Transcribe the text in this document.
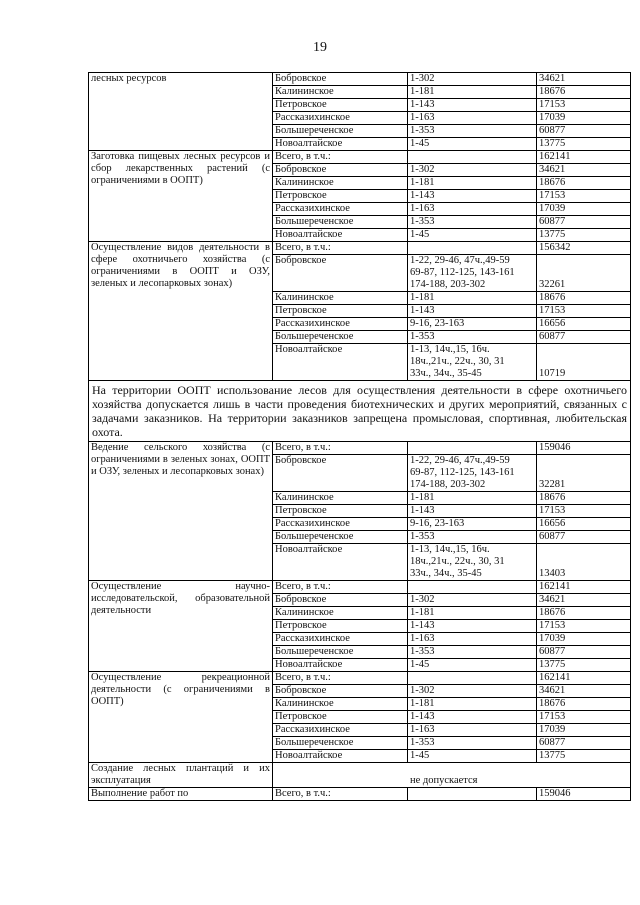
19
лесных ресурсов	Бобровское	1-302	34621
	Калининское	1-181	18676
	Петровское	1-143	17153
	Рассказихинское	1-163	17039
	Большереченское	1-353	60877
	Новоалтайское	1-45	13775
Заготовка пищевых лесных ресурсов и сбор лекарственных растений (с ограничениями в ООПТ)	Всего, в т.ч.:		162141
	Бобровское	1-302	34621
	Калининское	1-181	18676
	Петровское	1-143	17153
	Рассказихинское	1-163	17039
	Большереченское	1-353	60877
	Новоалтайское	1-45	13775
Осуществление видов деятельности в сфере охотничьего хозяйства (с ограничениями в ООПТ и ОЗУ, зеленых и лесопарковых зонах)	Всего, в т.ч.:		156342
	Бобровское	1-22, 29-46, 47ч.,49-59
69-87, 112-125, 143-161
174-188, 203-302	32261
	Калининское	1-181	18676
	Петровское	1-143	17153
	Рассказихинское	9-16, 23-163	16656
	Большереченское	1-353	60877
	Новоалтайское	1-13, 14ч.,15, 16ч.
18ч.,21ч., 22ч., 30, 31
33ч., 34ч., 35-45	10719
На территории ООПТ использование лесов для осуществления деятельности в сфере охотничьего хозяйства допускается лишь в части проведения биотехнических и других мероприятий, связанных с задачами заказников. На территории заказников запрещена промысловая, спортивная, любительская охота.			
Ведение сельского хозяйства (с ограничениями в зеленых зонах, ООПТ и ОЗУ, зеленых и лесопарковых зонах)	Всего, в т.ч.:		159046
	Бобровское	1-22, 29-46, 47ч.,49-59
69-87, 112-125, 143-161
174-188, 203-302	32281
	Калининское	1-181	18676
	Петровское	1-143	17153
	Рассказихинское	9-16, 23-163	16656
	Большереченское	1-353	60877
	Новоалтайское	1-13, 14ч.,15, 16ч.
18ч.,21ч., 22ч., 30, 31
33ч., 34ч., 35-45	13403
Осуществление научно-исследовательской, образовательной деятельности	Всего, в т.ч.:		162141
	Бобровское	1-302	34621
	Калининское	1-181	18676
	Петровское	1-143	17153
	Рассказихинское	1-163	17039
	Большереченское	1-353	60877
	Новоалтайское	1-45	13775
Осуществление рекреационной деятельности (с ограничениями в ООПТ)	Всего, в т.ч.:		162141
	Бобровское	1-302	34621
	Калининское	1-181	18676
	Петровское	1-143	17153
	Рассказихинское	1-163	17039
	Большереченское	1-353	60877
	Новоалтайское	1-45	13775
Создание лесных плантаций и их эксплуатация	не допускается		
Выполнение работ по	Всего, в т.ч.:		159046
